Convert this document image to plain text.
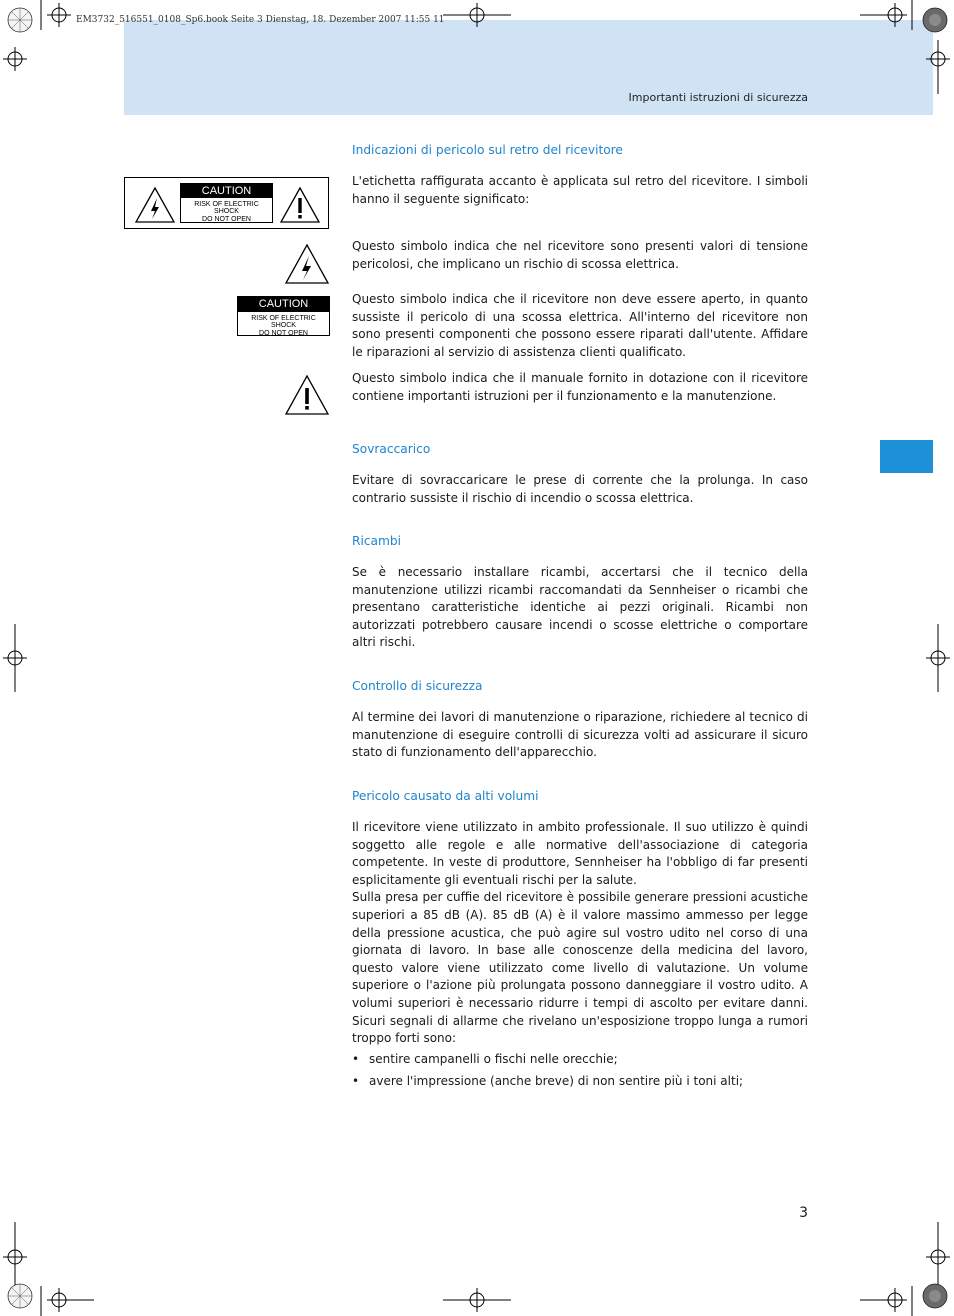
EM3732_516551_0108_Sp6.book Seite 3 Dienstag, 18. Dezember 2007 11:55 11
Importanti istruzioni di sicurezza
CAUTION
RISK OF ELECTRIC SHOCK
DO NOT OPEN
CAUTION
RISK OF ELECTRIC SHOCK
DO NOT OPEN
Indicazioni di pericolo sul retro del ricevitore

L'etichetta raffigurata accanto è applicata sul retro del ricevitore. I simboli hanno il seguente significato:

Questo simbolo indica che nel ricevitore sono presenti valori di tensione pericolosi, che implicano un rischio di scossa elettrica.

Questo simbolo indica che il ricevitore non deve essere aperto, in quanto sussiste il pericolo di una scossa elettrica. All'interno del ricevitore non sono presenti componenti che possono essere riparati dall'utente. Affidare le riparazioni al servizio di assistenza clienti qualificato.

Questo simbolo indica che il manuale fornito in dotazione con il ricevitore contiene importanti istruzioni per il funzionamento e la manutenzione.

Sovraccarico

Evitare di sovraccaricare le prese di corrente che la prolunga. In caso contrario sussiste il rischio di incendio o scossa elettrica.

Ricambi

Se è necessario installare ricambi, accertarsi che il tecnico della manutenzione utilizzi ricambi raccomandati da Sennheiser o ricambi che presentano caratteristiche identiche ai pezzi originali. Ricambi non autorizzati potrebbero causare incendi o scosse elettriche o comportare altri rischi.

Controllo di sicurezza

Al termine dei lavori di manutenzione o riparazione, richiedere al tecnico di manutenzione di eseguire controlli di sicurezza volti ad assicurare il sicuro stato di funzionamento dell'apparecchio.

Pericolo causato da alti volumi

Il ricevitore viene utilizzato in ambito professionale. Il suo utilizzo è quindi soggetto alle regole e alle normative dell'associazione di categoria competente. In veste di produttore, Sennheiser ha l'obbligo di far presenti esplicitamente gli eventuali rischi per la salute.

Sulla presa per cuffie del ricevitore è possibile generare pressioni acustiche superiori a 85 dB (A). 85 dB (A) è il valore massimo ammesso per legge della pressione acustica, che può agire sul vostro udito nel corso di una giornata di lavoro. In base alle conoscenze della medicina del lavoro, questo valore viene utilizzato come livello di valutazione. Un volume superiore o l'azione più prolungata possono danneggiare il vostro udito. A volumi superiori è necessario ridurre i tempi di ascolto per evitare danni. Sicuri segnali di allarme che rivelano un'esposizione troppo lunga a rumori troppo forti sono:

• sentire campanelli o fischi nelle orecchie;
• avere l'impressione (anche breve) di non sentire più i toni alti;
3
